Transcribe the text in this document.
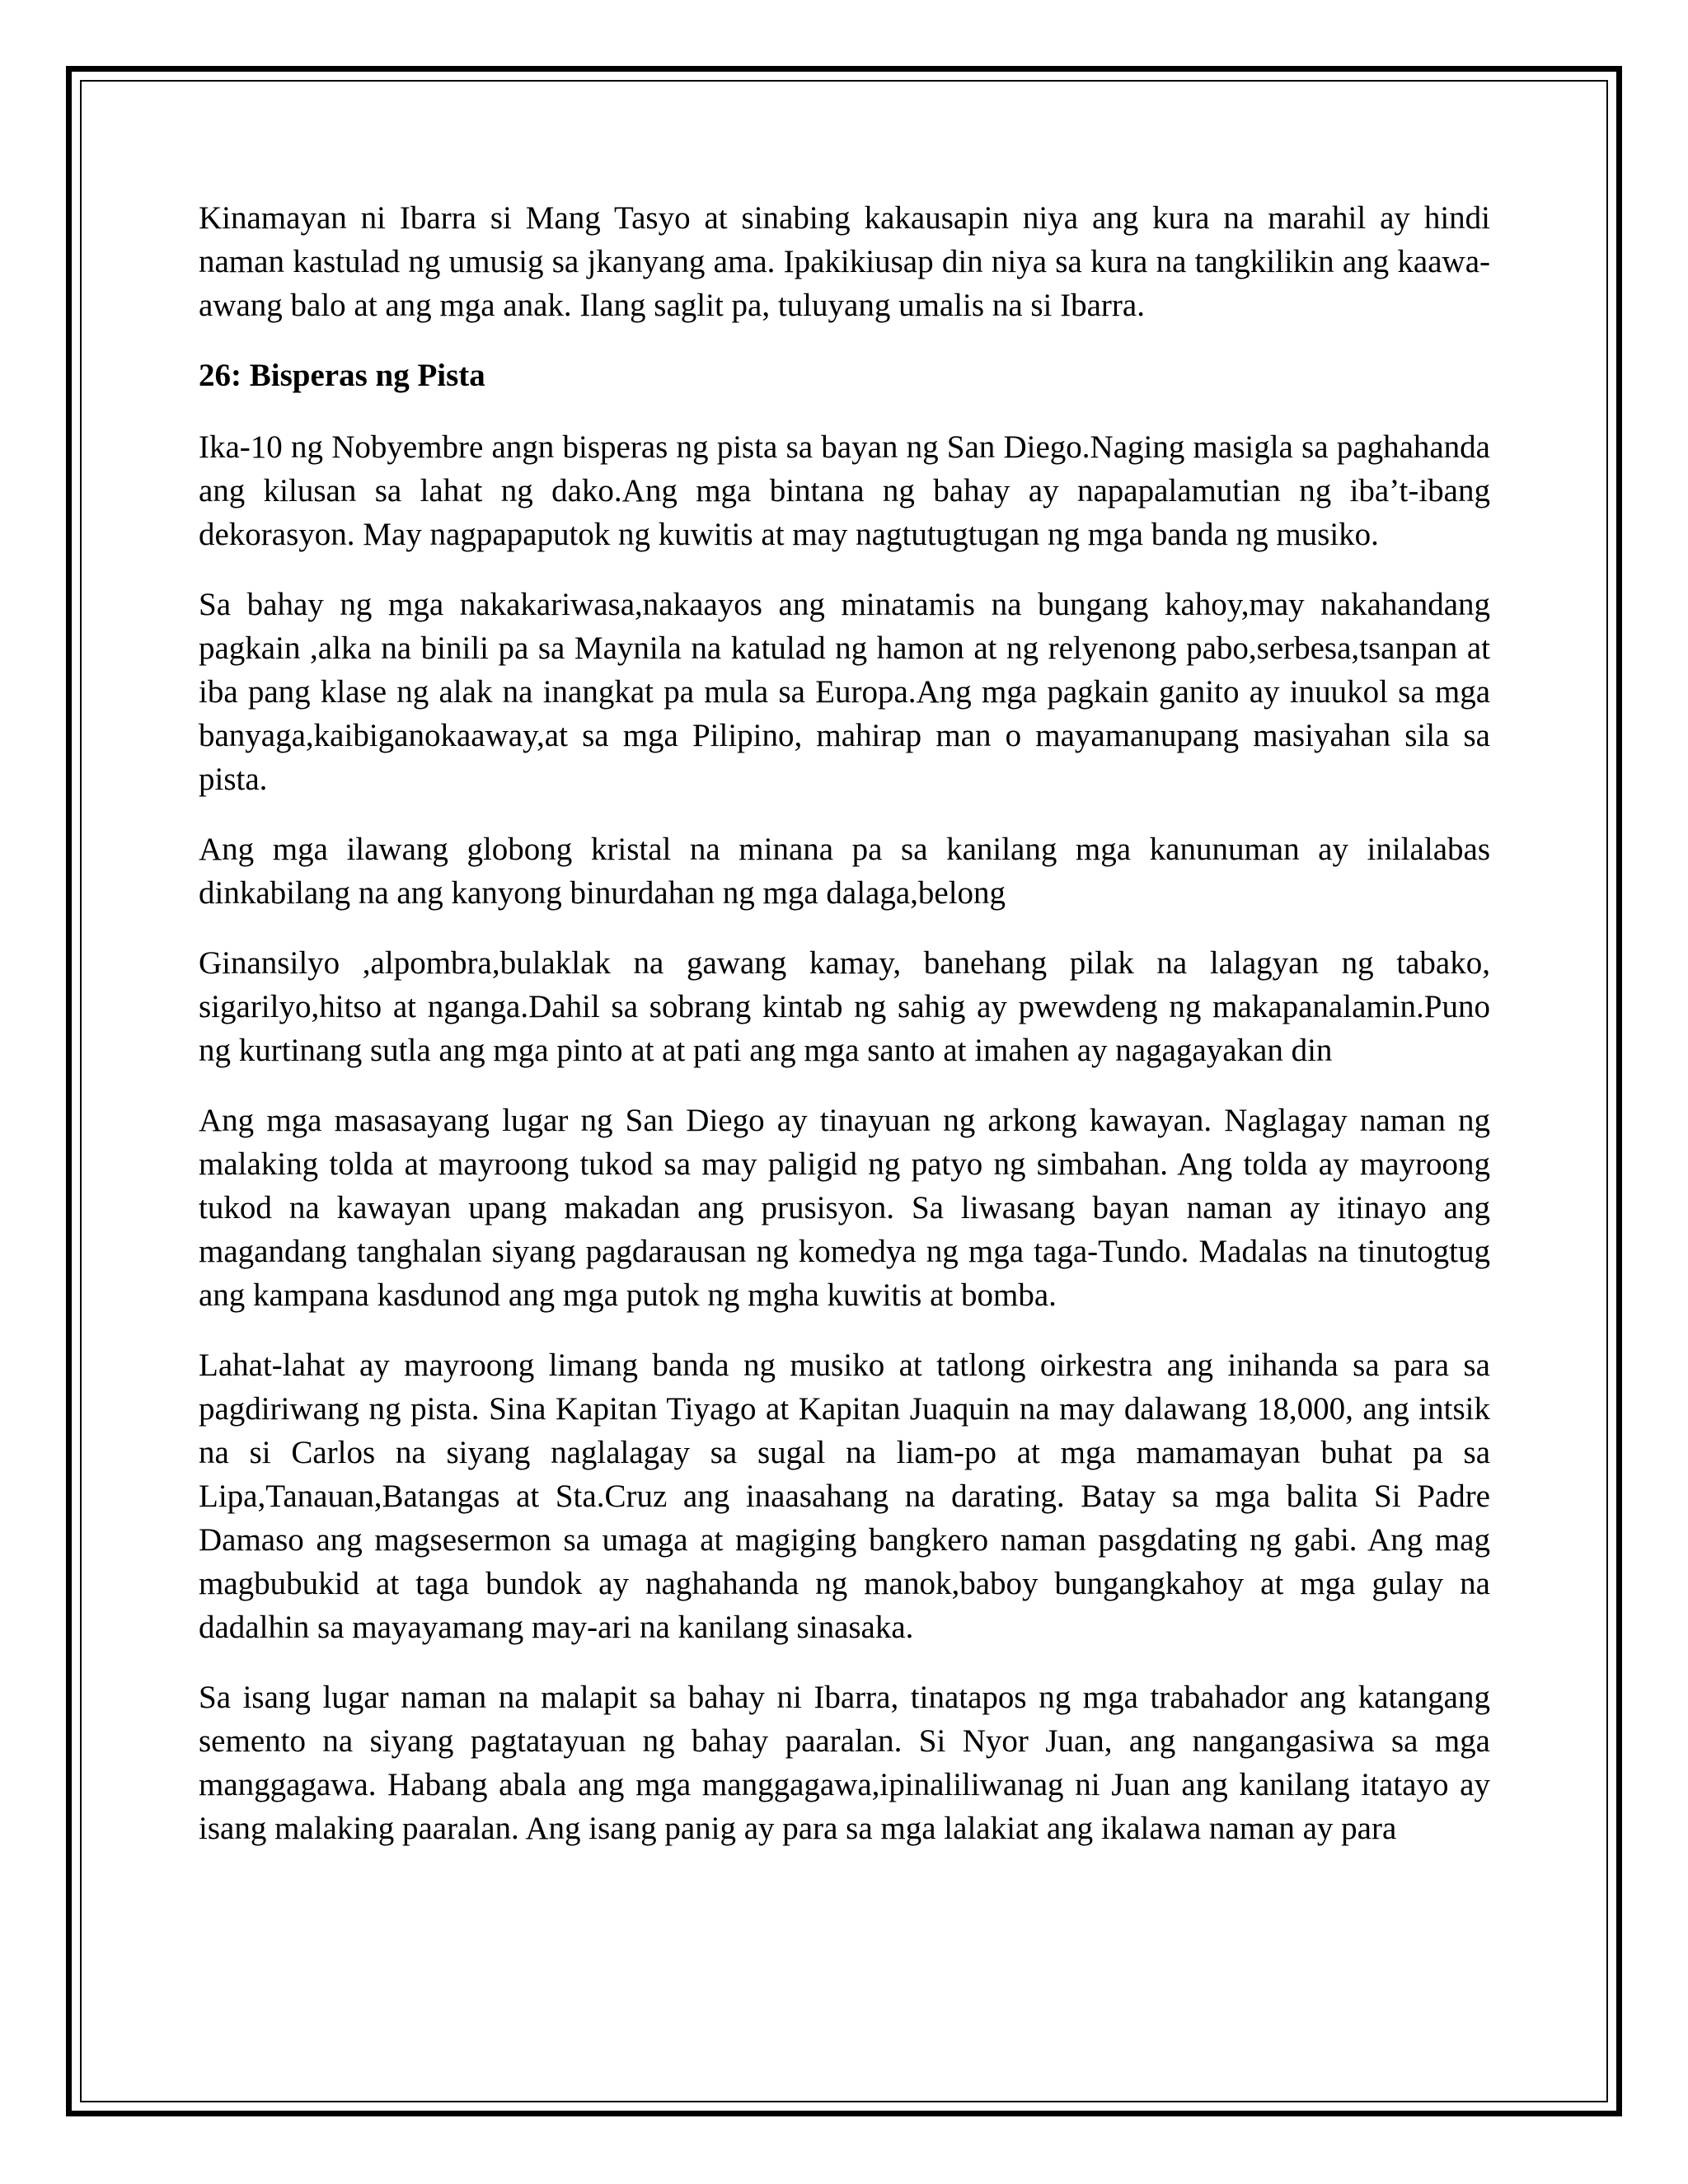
Kinamayan ni Ibarra si Mang Tasyo at sinabing kakausapin niya ang kura na marahil ay hindi naman kastulad ng umusig sa jkanyang ama. Ipakikiusap din niya sa kura na tangkilikin ang kaawa-awang balo at ang mga anak. Ilang saglit pa, tuluyang umalis na si Ibarra.

26: Bisperas ng Pista

Ika-10 ng Nobyembre angn bisperas ng pista sa bayan ng San Diego.Naging masigla sa paghahanda ang kilusan sa lahat ng dako.Ang mga bintana ng bahay ay napapalamutian ng iba’t-ibang dekorasyon. May nagpapaputok ng kuwitis at may nagtutugtugan ng mga banda ng musiko.

Sa bahay ng mga nakakariwasa,nakaayos ang minatamis na bungang kahoy,may nakahandang pagkain ,alka na binili pa sa Maynila na katulad ng hamon at ng relyenong pabo,serbesa,tsanpan at iba pang klase ng alak na inangkat pa mula sa Europa.Ang mga pagkain ganito ay inuukol sa mga banyaga,kaibiganokaaway,at sa mga Pilipino, mahirap man o mayamanupang masiyahan sila sa pista.

Ang mga ilawang globong kristal na minana pa sa kanilang mga kanunuman ay inilalabas dinkabilang na ang kanyong binurdahan ng mga dalaga,belong

Ginansilyo ,alpombra,bulaklak na gawang kamay, banehang pilak na lalagyan ng tabako, sigarilyo,hitso at nganga.Dahil sa sobrang kintab ng sahig ay pwewdeng ng makapanalamin.Puno ng kurtinang sutla ang mga pinto at at pati ang mga santo at imahen ay nagagayakan din

Ang mga masasayang lugar ng San Diego ay tinayuan ng arkong kawayan. Naglagay naman ng malaking tolda at mayroong tukod sa may paligid ng patyo ng simbahan. Ang tolda ay mayroong tukod na kawayan upang makadan ang prusisyon. Sa liwasang bayan naman ay itinayo ang magandang tanghalan siyang pagdarausan ng komedya ng mga taga-Tundo. Madalas na tinutogtug ang kampana kasdunod ang mga putok ng mgha kuwitis at bomba.

Lahat-lahat ay mayroong limang banda ng musiko at tatlong oirkestra ang inihanda sa para sa pagdiriwang ng pista. Sina Kapitan Tiyago at Kapitan Juaquin na may dalawang 18,000, ang intsik na si Carlos na siyang naglalagay sa sugal na liam-po at mga mamamayan buhat pa sa Lipa,Tanauan,Batangas at Sta.Cruz ang inaasahang na darating. Batay sa mga balita Si Padre Damaso ang magsesermon sa umaga at magiging bangkero naman pasgdating ng gabi. Ang mag magbubukid at taga bundok ay naghahanda ng manok,baboy bungangkahoy at mga gulay na dadalhin sa mayayamang may-ari na kanilang sinasaka.

Sa isang lugar naman na malapit sa bahay ni Ibarra, tinatapos ng mga trabahador ang katangang semento na siyang pagtatayuan ng bahay paaralan. Si Nyor Juan, ang nangangasiwa sa mga manggagawa. Habang abala ang mga manggagawa,ipinaliliwanag ni Juan ang kanilang itatayo ay isang malaking paaralan. Ang isang panig ay para sa mga lalakiat ang ikalawa naman ay para
